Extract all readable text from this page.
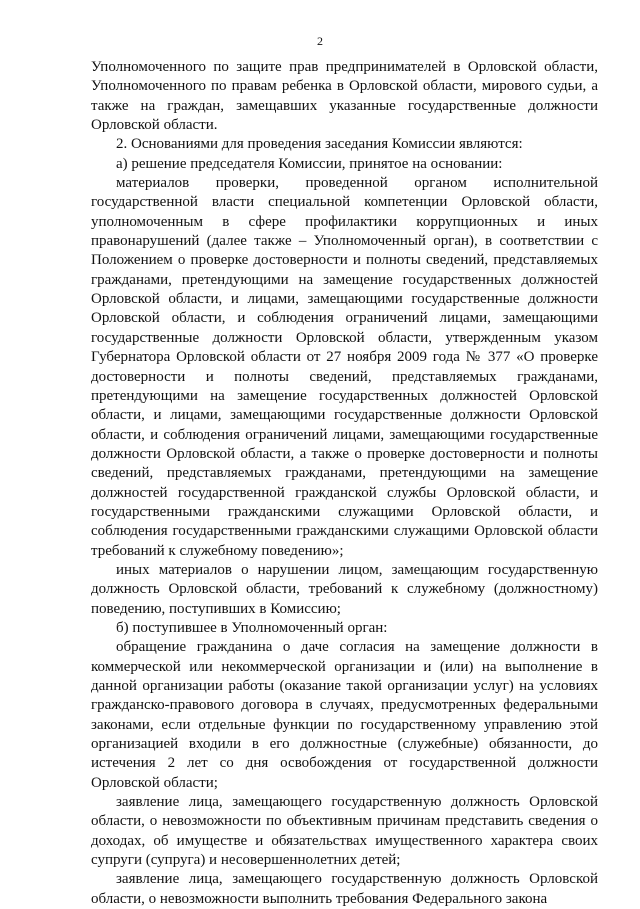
2

Уполномоченного по защите прав предпринимателей в Орловской области, Уполномоченного по правам ребенка в Орловской области, мирового судьи, а также на граждан, замещавших указанные государственные должности Орловской области.

2. Основаниями для проведения заседания Комиссии являются:

а) решение председателя Комиссии, принятое на основании:

материалов проверки, проведенной органом исполнительной государственной власти специальной компетенции Орловской области, уполномоченным в сфере профилактики коррупционных и иных правонарушений (далее также – Уполномоченный орган), в соответствии с Положением о проверке достоверности и полноты сведений, представляемых гражданами, претендующими на замещение государственных должностей Орловской области, и лицами, замещающими государственные должности Орловской области, и соблюдения ограничений лицами, замещающими государственные должности Орловской области, утвержденным указом Губернатора Орловской области от 27 ноября 2009 года № 377 «О проверке достоверности и полноты сведений, представляемых гражданами, претендующими на замещение государственных должностей Орловской области, и лицами, замещающими государственные должности Орловской области, и соблюдения ограничений лицами, замещающими государственные должности Орловской области, а также о проверке достоверности и полноты сведений, представляемых гражданами, претендующими на замещение должностей государственной гражданской службы Орловской области, и государственными гражданскими служащими Орловской области, и соблюдения государственными гражданскими служащими Орловской области требований к служебному поведению»;

иных материалов о нарушении лицом, замещающим государственную должность Орловской области, требований к служебному (должностному) поведению, поступивших в Комиссию;

б) поступившее в Уполномоченный орган:

обращение гражданина о даче согласия на замещение должности в коммерческой или некоммерческой организации и (или) на выполнение в данной организации работы (оказание такой организации услуг) на условиях гражданско-правового договора в случаях, предусмотренных федеральными законами, если отдельные функции по государственному управлению этой организацией входили в его должностные (служебные) обязанности, до истечения 2 лет со дня освобождения от государственной должности Орловской области;

заявление лица, замещающего государственную должность Орловской области, о невозможности по объективным причинам представить сведения о доходах, об имуществе и обязательствах имущественного характера своих супруги (супруга) и несовершеннолетних детей;

заявление лица, замещающего государственную должность Орловской области, о невозможности выполнить требования Федерального закона
